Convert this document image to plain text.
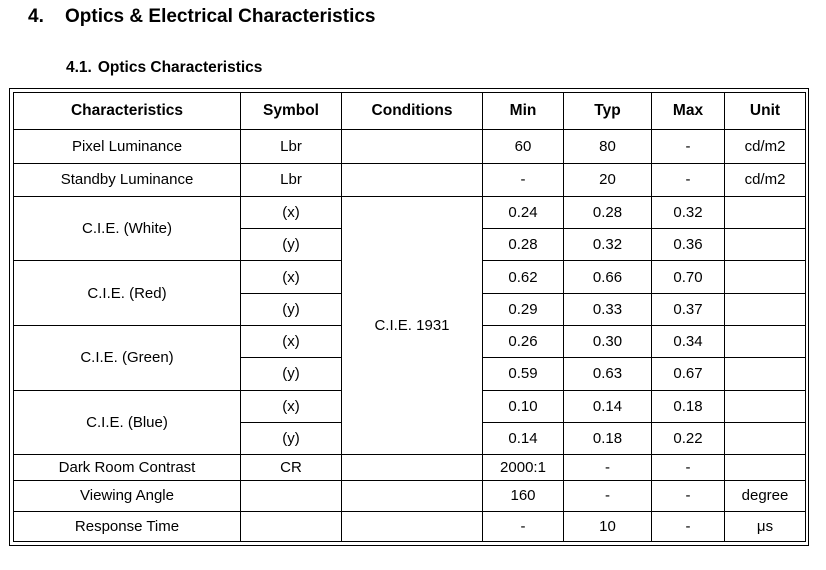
4. Optics & Electrical Characteristics
4.1. Optics Characteristics
Characteristics	Symbol	Conditions	Min	Typ	Max	Unit
Pixel Luminance	Lbr		60	80	-	cd/m2
Standby Luminance	Lbr		-	20	-	cd/m2
C.I.E. (White)	(x)	C.I.E. 1931	0.24	0.28	0.32	
	(y)		0.28	0.32	0.36	
C.I.E. (Red)	(x)		0.62	0.66	0.70	
	(y)		0.29	0.33	0.37	
C.I.E. (Green)	(x)		0.26	0.30	0.34	
	(y)		0.59	0.63	0.67	
C.I.E. (Blue)	(x)		0.10	0.14	0.18	
	(y)		0.14	0.18	0.22	
Dark Room Contrast	CR		2000:1	-	-	
Viewing Angle			160	-	-	degree
Response Time			-	10	-	μs
